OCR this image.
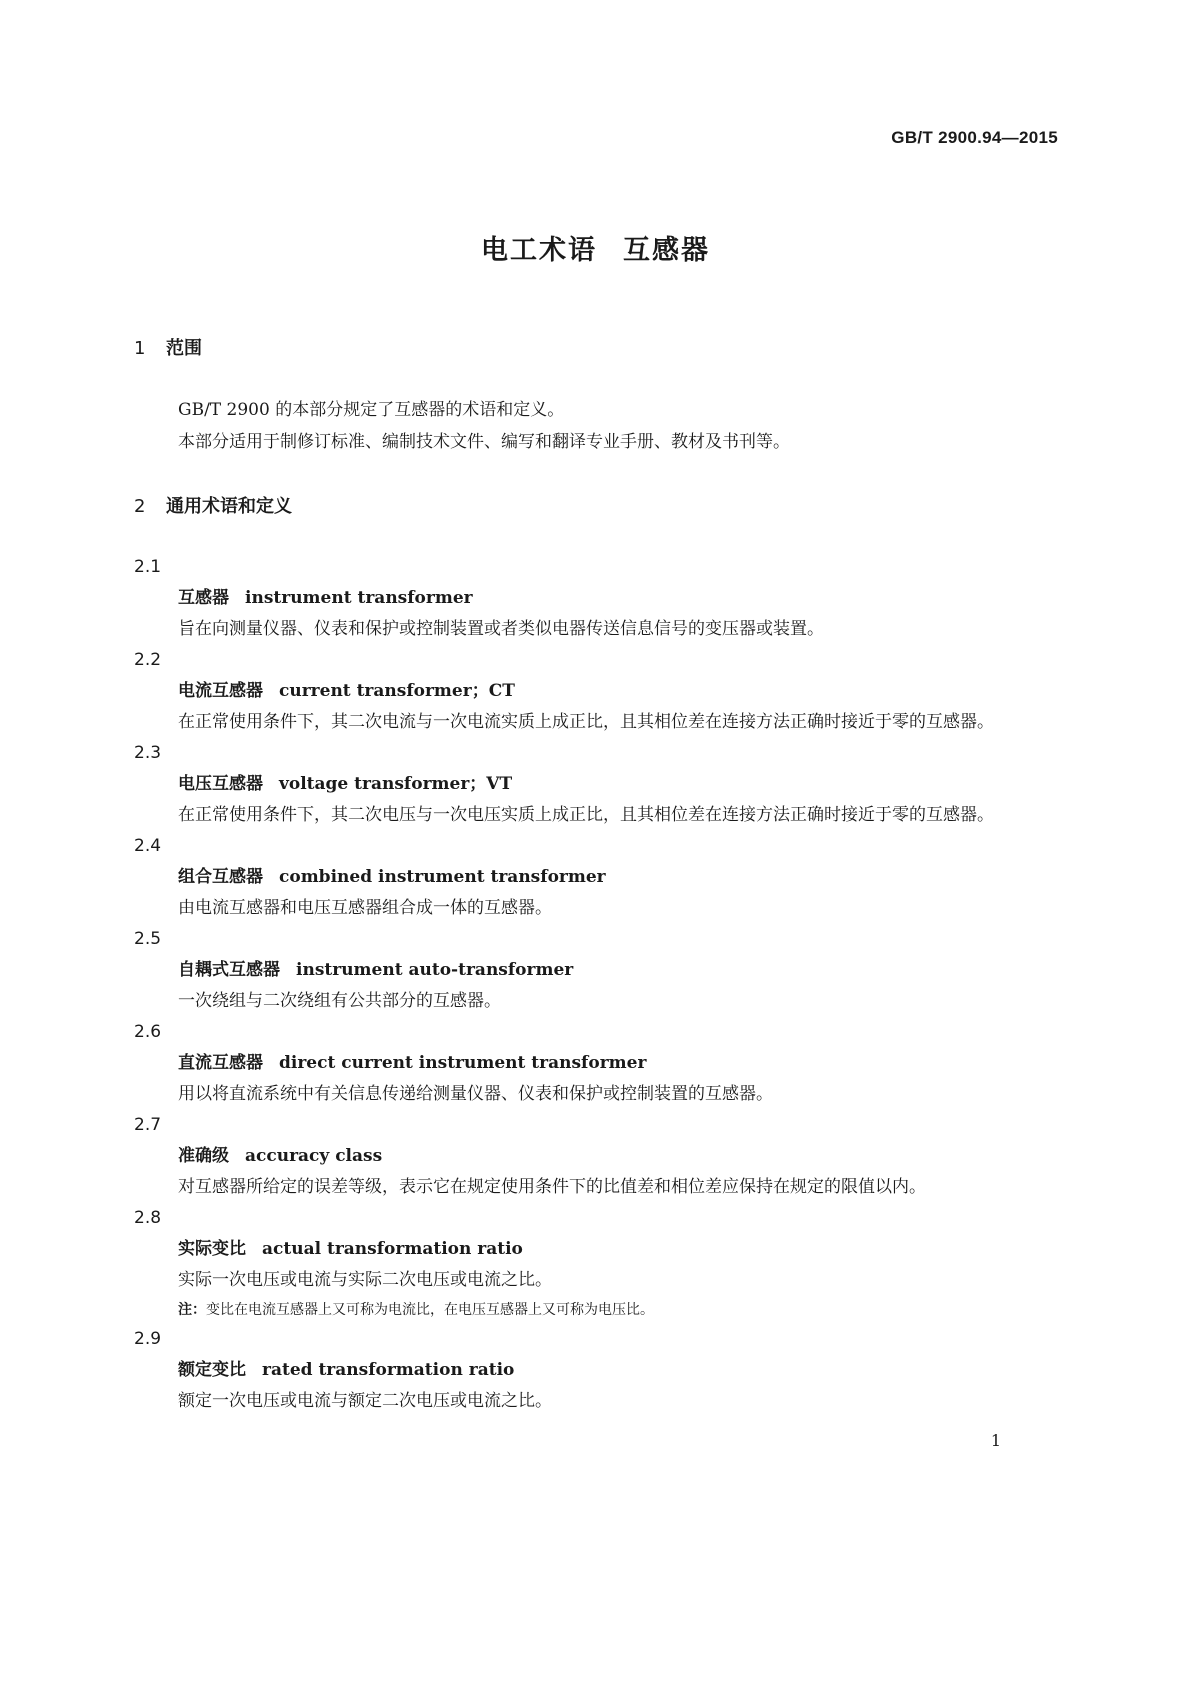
GB/T 2900.94—2015
电工术语 互感器
1 范围
GB/T 2900 的本部分规定了互感器的术语和定义。
本部分适用于制修订标准、编制技术文件、编写和翻译专业手册、教材及书刊等。
2 通用术语和定义
2.1
互感器 instrument transformer
旨在向测量仪器、仪表和保护或控制装置或者类似电器传送信息信号的变压器或装置。
2.2
电流互感器 current transformer；CT
在正常使用条件下，其二次电流与一次电流实质上成正比，且其相位差在连接方法正确时接近于零的互感器。
2.3
电压互感器 voltage transformer；VT
在正常使用条件下，其二次电压与一次电压实质上成正比，且其相位差在连接方法正确时接近于零的互感器。
2.4
组合互感器 combined instrument transformer
由电流互感器和电压互感器组合成一体的互感器。
2.5
自耦式互感器 instrument auto-transformer
一次绕组与二次绕组有公共部分的互感器。
2.6
直流互感器 direct current instrument transformer
用以将直流系统中有关信息传递给测量仪器、仪表和保护或控制装置的互感器。
2.7
准确级 accuracy class
对互感器所给定的误差等级，表示它在规定使用条件下的比值差和相位差应保持在规定的限值以内。
2.8
实际变比 actual transformation ratio
实际一次电压或电流与实际二次电压或电流之比。
注：变比在电流互感器上又可称为电流比，在电压互感器上又可称为电压比。
2.9
额定变比 rated transformation ratio
额定一次电压或电流与额定二次电压或电流之比。
1
